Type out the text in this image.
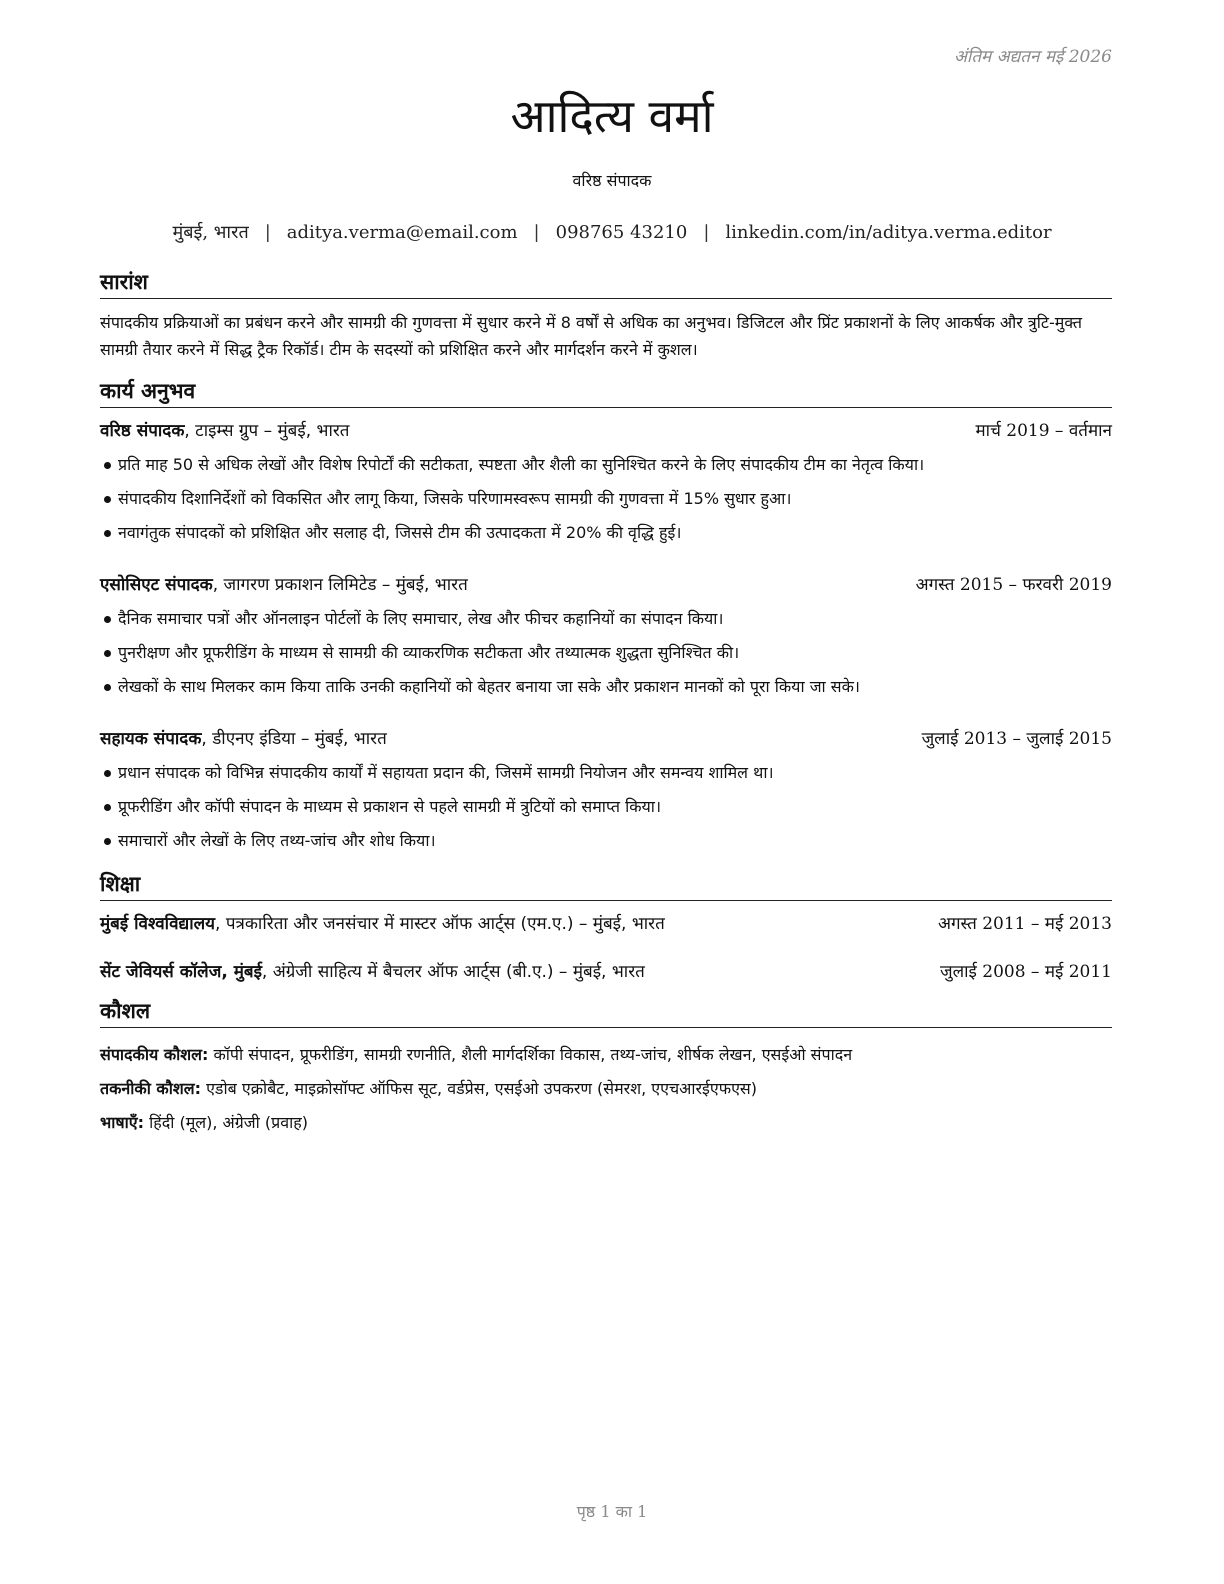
अंतिम अद्यतन मई 2026
आदित्य वर्मा
वरिष्ठ संपादक
मुंबई, भारत | aditya.verma@email.com | 098765 43210 | linkedin.com/in/aditya.verma.editor
सारांश

संपादकीय प्रक्रियाओं का प्रबंधन करने और सामग्री की गुणवत्ता में सुधार करने में 8 वर्षों से अधिक का अनुभव। डिजिटल और प्रिंट प्रकाशनों के लिए आकर्षक और त्रुटि-मुक्त सामग्री तैयार करने में सिद्ध ट्रैक रिकॉर्ड। टीम के सदस्यों को प्रशिक्षित करने और मार्गदर्शन करने में कुशल।

कार्य अनुभव
वरिष्ठ संपादक, टाइम्स ग्रुप – मुंबई, भारत	मार्च 2019 – वर्तमान
प्रति माह 50 से अधिक लेखों और विशेष रिपोर्टों की सटीकता, स्पष्टता और शैली का सुनिश्चित करने के लिए संपादकीय टीम का नेतृत्व किया।
संपादकीय दिशानिर्देशों को विकसित और लागू किया, जिसके परिणामस्वरूप सामग्री की गुणवत्ता में 15% सुधार हुआ।
नवागंतुक संपादकों को प्रशिक्षित और सलाह दी, जिससे टीम की उत्पादकता में 20% की वृद्धि हुई।
एसोसिएट संपादक, जागरण प्रकाशन लिमिटेड – मुंबई, भारत	अगस्त 2015 – फरवरी 2019
दैनिक समाचार पत्रों और ऑनलाइन पोर्टलों के लिए समाचार, लेख और फीचर कहानियों का संपादन किया।
पुनरीक्षण और प्रूफरीडिंग के माध्यम से सामग्री की व्याकरणिक सटीकता और तथ्यात्मक शुद्धता सुनिश्चित की।
लेखकों के साथ मिलकर काम किया ताकि उनकी कहानियों को बेहतर बनाया जा सके और प्रकाशन मानकों को पूरा किया जा सके।
सहायक संपादक, डीएनए इंडिया – मुंबई, भारत	जुलाई 2013 – जुलाई 2015
प्रधान संपादक को विभिन्न संपादकीय कार्यों में सहायता प्रदान की, जिसमें सामग्री नियोजन और समन्वय शामिल था।
प्रूफरीडिंग और कॉपी संपादन के माध्यम से प्रकाशन से पहले सामग्री में त्रुटियों को समाप्त किया।
समाचारों और लेखों के लिए तथ्य-जांच और शोध किया।
शिक्षा
मुंबई विश्वविद्यालय, पत्रकारिता और जनसंचार में मास्टर ऑफ आर्ट्स (एम.ए.) – मुंबई, भारत	अगस्त 2011 – मई 2013
सेंट जेवियर्स कॉलेज, मुंबई, अंग्रेजी साहित्य में बैचलर ऑफ आर्ट्स (बी.ए.) – मुंबई, भारत	जुलाई 2008 – मई 2011
कौशल
संपादकीय कौशल: कॉपी संपादन, प्रूफरीडिंग, सामग्री रणनीति, शैली मार्गदर्शिका विकास, तथ्य-जांच, शीर्षक लेखन, एसईओ संपादन
तकनीकी कौशल: एडोब एक्रोबैट, माइक्रोसॉफ्ट ऑफिस सूट, वर्डप्रेस, एसईओ उपकरण (सेमरश, एएचआरईएफएस)
भाषाएँ: हिंदी (मूल), अंग्रेजी (प्रवाह)
पृष्ठ 1 का 1
